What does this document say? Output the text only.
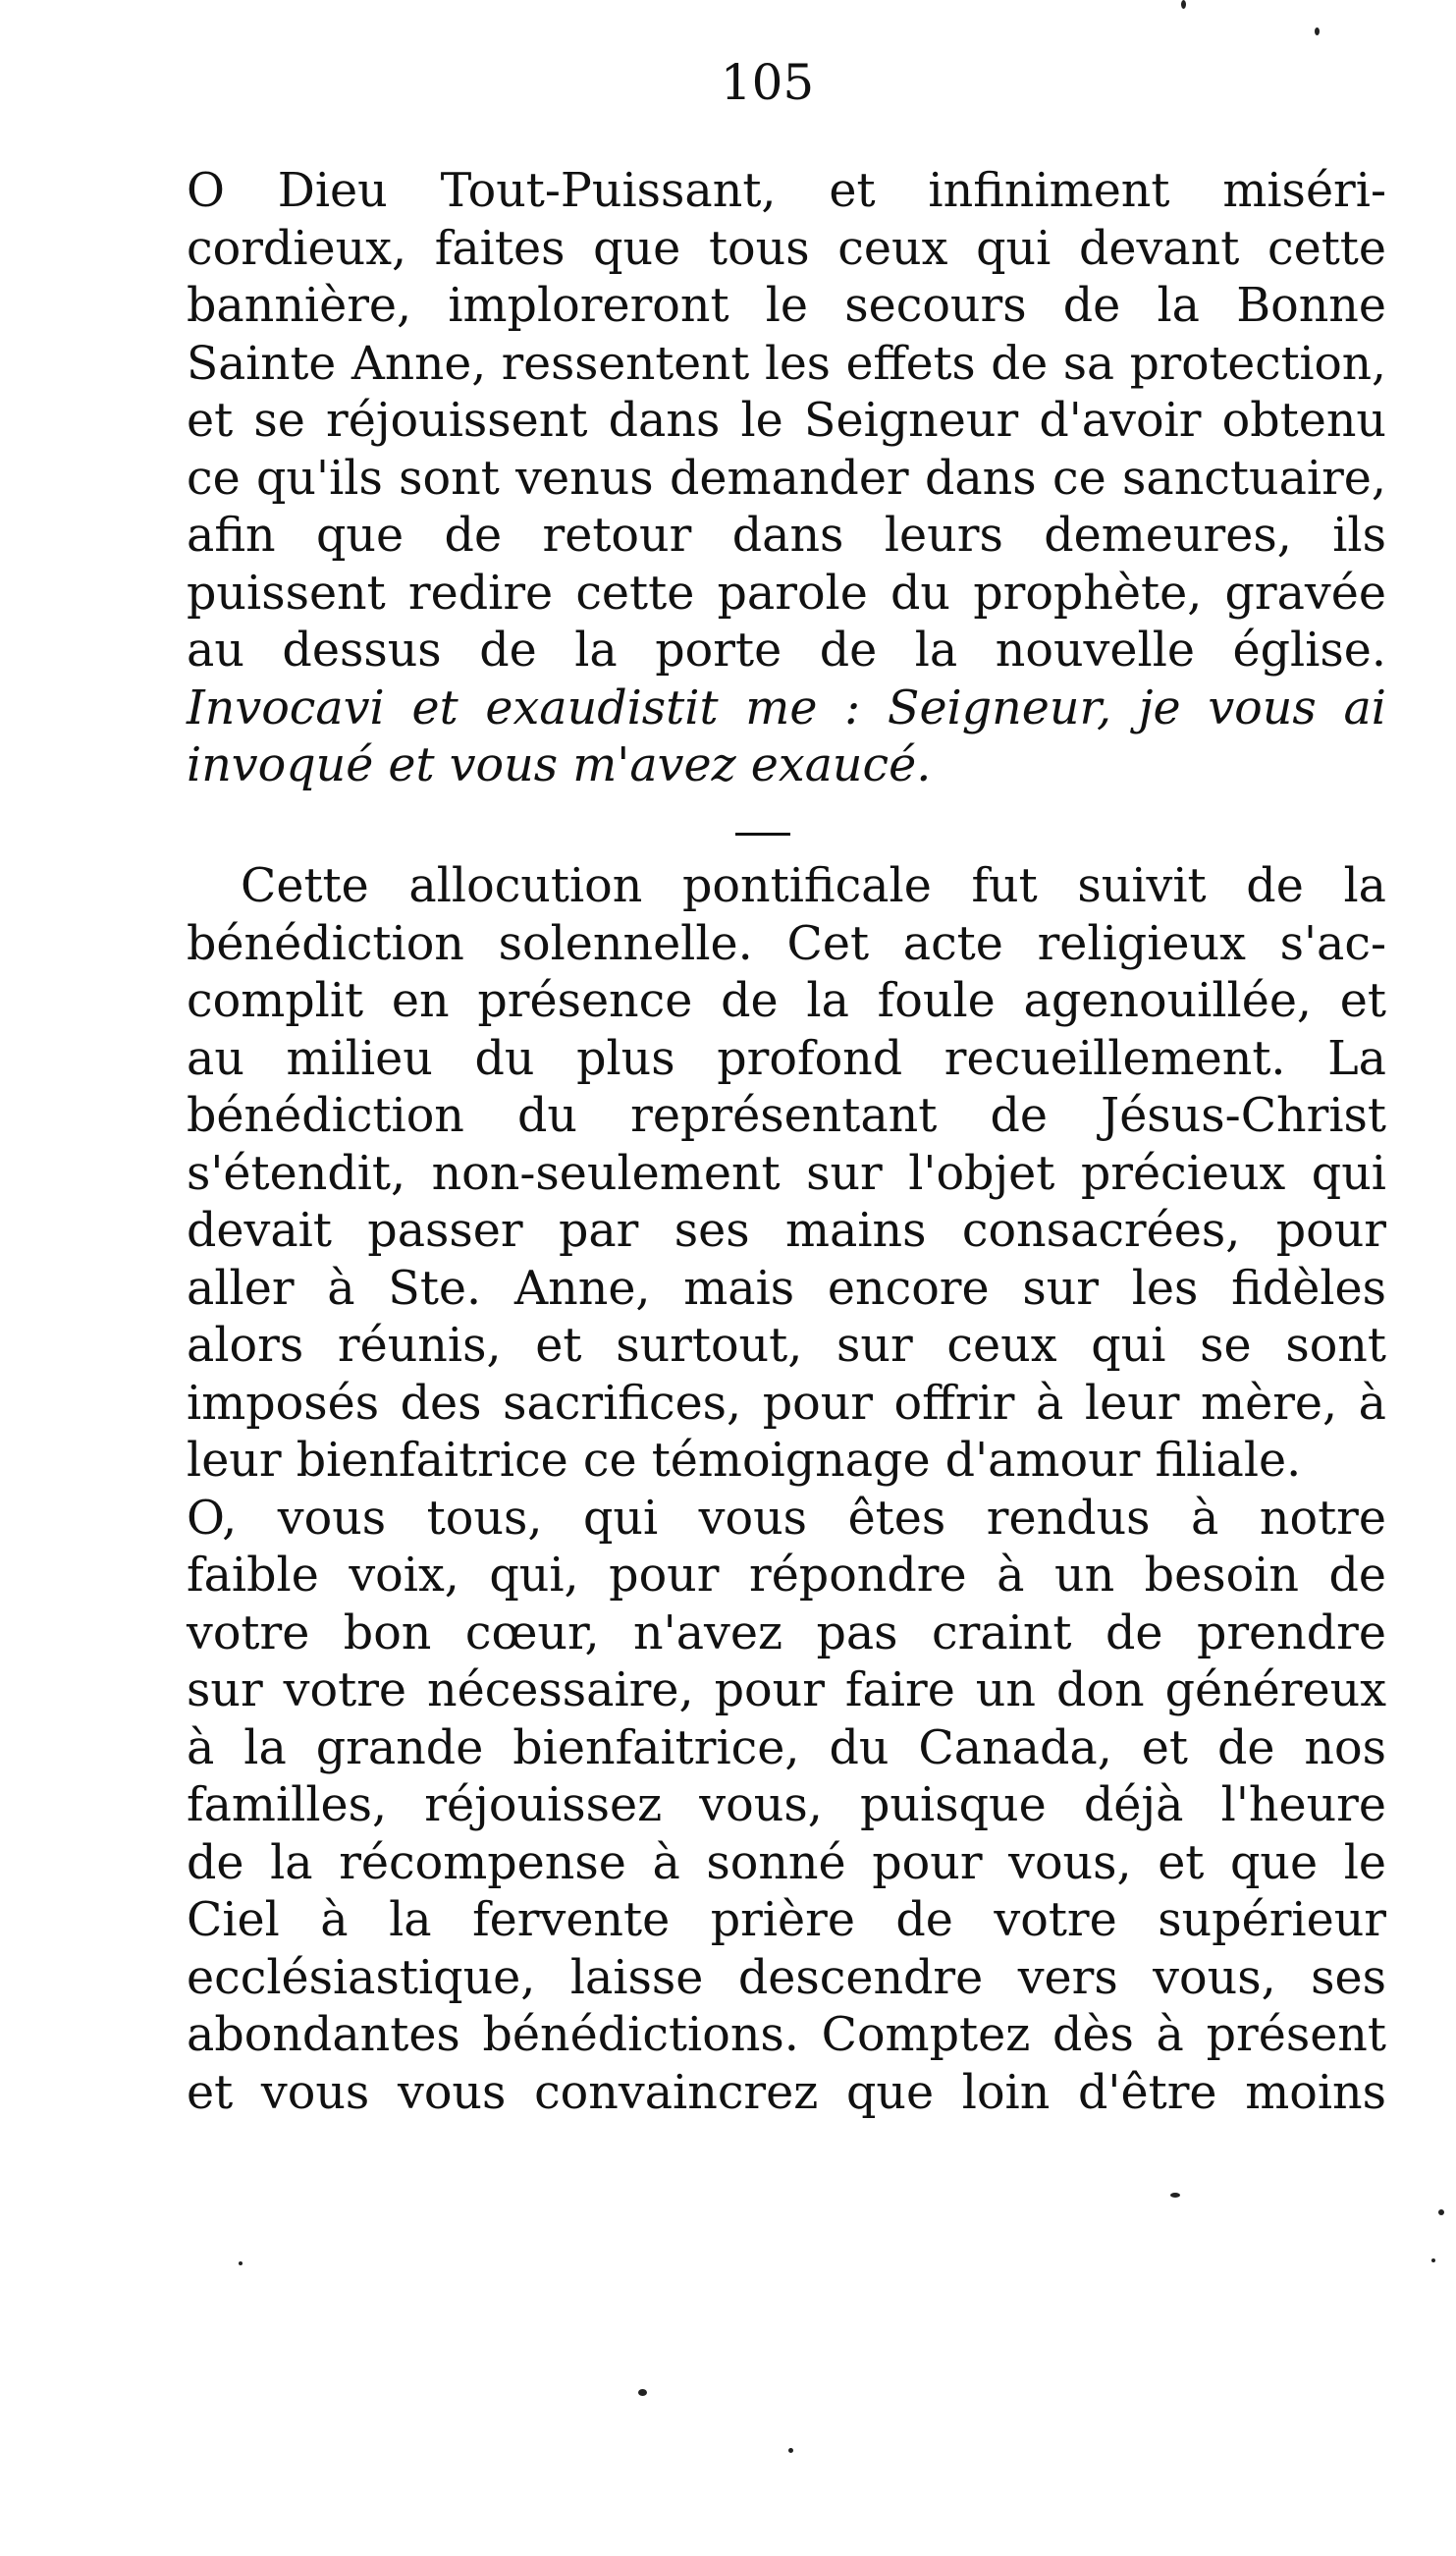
105
O Dieu Tout-Puissant, et infiniment miséri-
cordieux, faites que tous ceux qui devant cette
bannière, imploreront le secours de la Bonne
Sainte Anne, ressentent les effets de sa protection,
et se réjouissent dans le Seigneur d'avoir obtenu
ce qu'ils sont venus demander dans ce sanctuaire,
afin que de retour dans leurs demeures, ils
puissent redire cette parole du prophète, gravée
au dessus de la porte de la nouvelle église.
Invocavi et exaudistit me : Seigneur, je vous ai
invoqué et vous m'avez exaucé.
Cette allocution pontificale fut suivit de la
bénédiction solennelle. Cet acte religieux s'ac-
complit en présence de la foule agenouillée, et
au milieu du plus profond recueillement. La
bénédiction du représentant de Jésus-Christ
s'étendit, non-seulement sur l'objet précieux qui
devait passer par ses mains consacrées, pour
aller à Ste. Anne, mais encore sur les fidèles
alors réunis, et surtout, sur ceux qui se sont
imposés des sacrifices, pour offrir à leur mère, à
leur bienfaitrice ce témoignage d'amour filiale.
O, vous tous, qui vous êtes rendus à notre
faible voix, qui, pour répondre à un besoin de
votre bon cœur, n'avez pas craint de prendre
sur votre nécessaire, pour faire un don généreux
à la grande bienfaitrice, du Canada, et de nos
familles, réjouissez vous, puisque déjà l'heure
de la récompense à sonné pour vous, et que le
Ciel à la fervente prière de votre supérieur
ecclésiastique, laisse descendre vers vous, ses
abondantes bénédictions. Comptez dès à présent
et vous vous convaincrez que loin d'être moins
